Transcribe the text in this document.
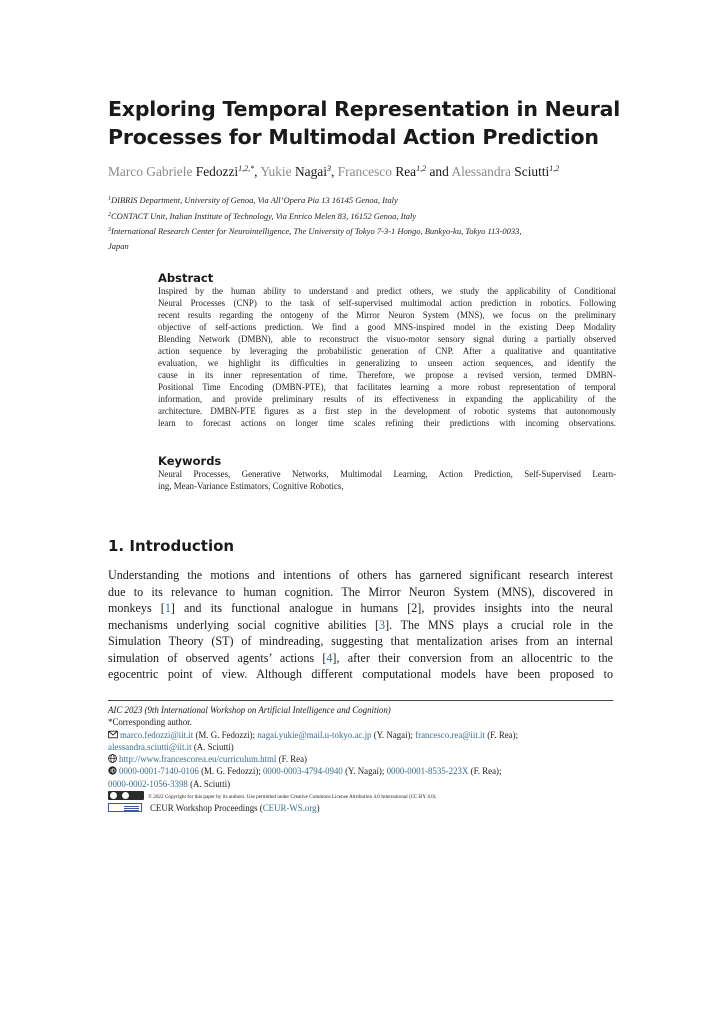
Exploring Temporal Representation in Neural
Processes for Multimodal Action Prediction
Marco Gabriele Fedozzi$^{1,2,*}$, Yukie Nagai$^3$, Francesco Rea$^{1,2}$ and Alessandra Sciutti$^{1,2}$
$^1$DIBRIS Department, University of Genoa, Via All’Opera Pia 13 16145 Genoa, Italy
$^2$CONTACT Unit, Italian Institute of Technology, Via Enrico Melen 83, 16152 Genoa, Italy
$^3$International Research Center for Neurointelligence, The University of Tokyo 7-3-1 Hongo, Bunkyo-ku, Tokyo 113-0033,
Japan
Abstract
Inspired by the human ability to understand and predict others, we study the applicability of Conditional
Neural Processes (CNP) to the task of self-supervised multimodal action prediction in robotics. Following
recent results regarding the ontogeny of the Mirror Neuron System (MNS), we focus on the preliminary
objective of self-actions prediction. We find a good MNS-inspired model in the existing Deep Modality
Blending Network (DMBN), able to reconstruct the visuo-motor sensory signal during a partially observed
action sequence by leveraging the probabilistic generation of CNP. After a qualitative and quantitative
evaluation, we highlight its difficulties in generalizing to unseen action sequences, and identify the
cause in its inner representation of time. Therefore, we propose a revised version, termed DMBN-
Positional Time Encoding (DMBN-PTE), that facilitates learning a more robust representation of temporal
information, and provide preliminary results of its effectiveness in expanding the applicability of the
architecture. DMBN-PTE figures as a first step in the development of robotic systems that autonomously
learn to forecast actions on longer time scales refining their predictions with incoming observations.
Keywords
Neural Processes, Generative Networks, Multimodal Learning, Action Prediction, Self-Supervised Learn-
ing, Mean-Variance Estimators, Cognitive Robotics,
1. Introduction
Understanding the motions and intentions of others has garnered significant research interest
due to its relevance to human cognition. The Mirror Neuron System (MNS), discovered in
monkeys [1] and its functional analogue in humans [2], provides insights into the neural
mechanisms underlying social cognitive abilities [3]. The MNS plays a crucial role in the
Simulation Theory (ST) of mindreading, suggesting that mentalization arises from an internal
simulation of observed agents’ actions [4], after their conversion from an allocentric to the
egocentric point of view. Although different computational models have been proposed to
AIC 2023 (9th International Workshop on Artificial Intelligence and Cognition)
*Corresponding author.
marco.fedozzi@iit.it (M. G. Fedozzi); nagai.yukie@mail.u-tokyo.ac.jp (Y. Nagai); francesco.rea@iit.it (F. Rea);
alessandra.sciutti@iit.it (A. Sciutti)
http://www.francescorea.eu/curriculum.html (F. Rea)
0000-0001-7140-0106 (M. G. Fedozzi); 0000-0003-4794-0940 (Y. Nagai); 0000-0001-8535-223X (F. Rea);
0000-0002-1056-3398 (A. Sciutti)
© 2022 Copyright for this paper by its authors. Use permitted under Creative Commons License Attribution 4.0 International (CC BY 4.0).
CEUR Workshop Proceedings (CEUR-WS.org)
